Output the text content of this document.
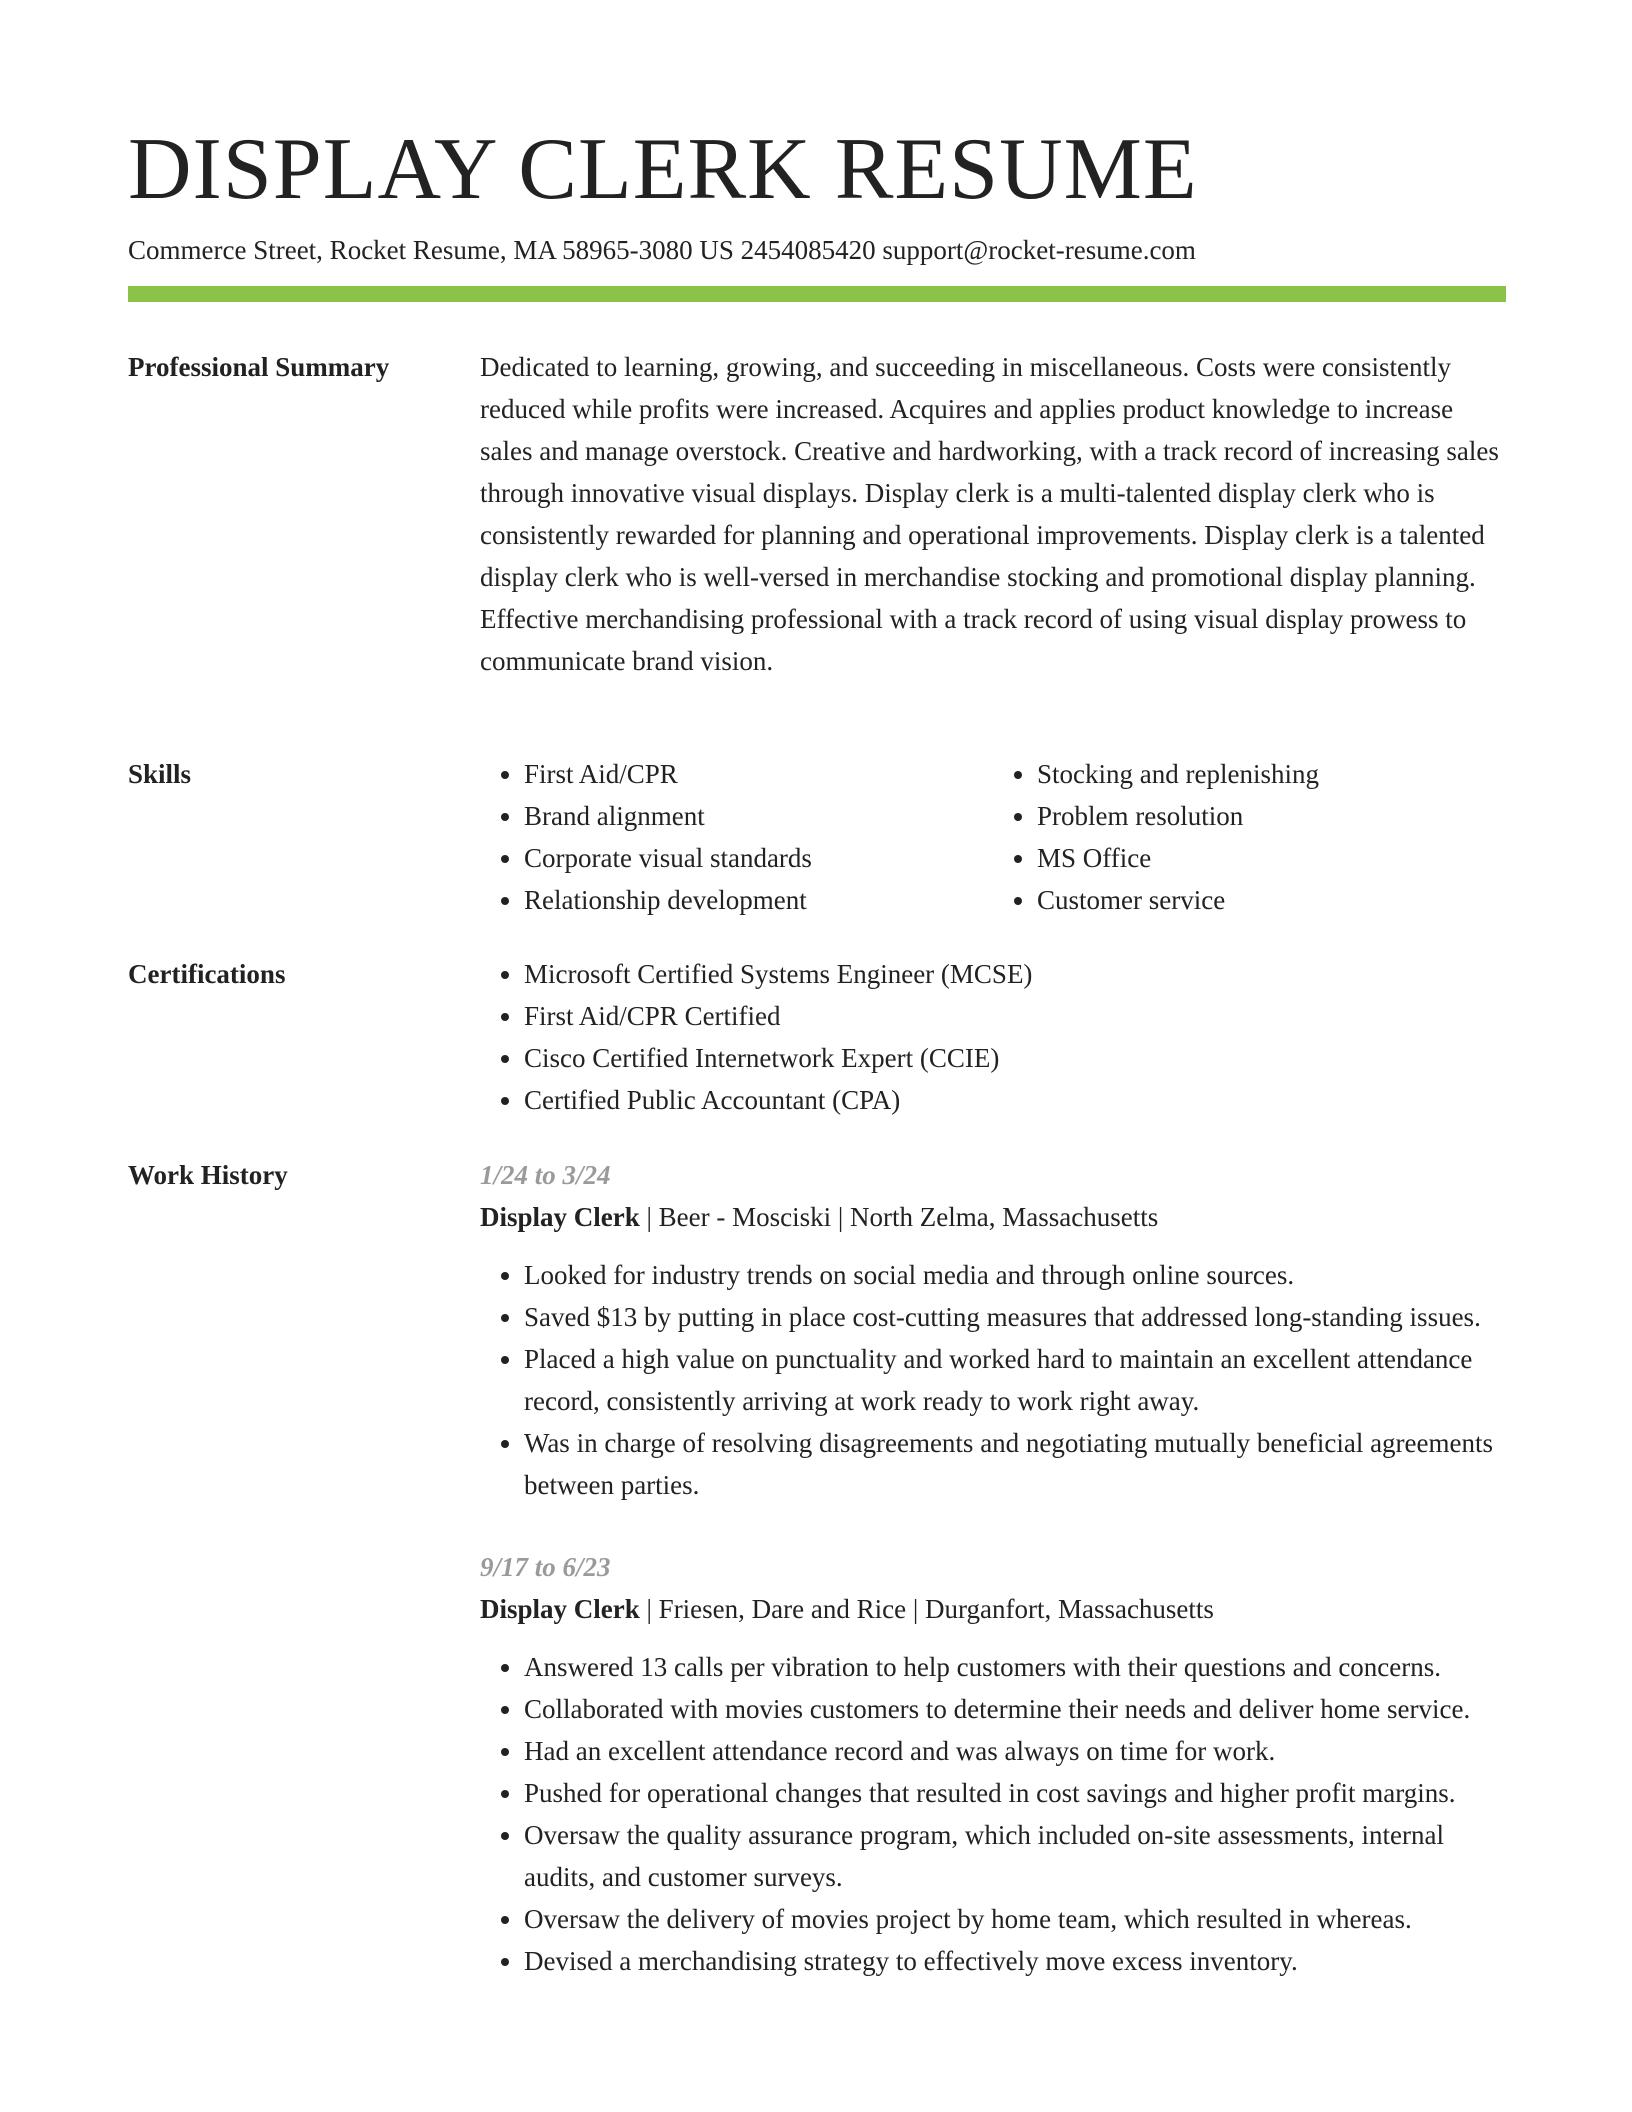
DISPLAY CLERK RESUME
Commerce Street, Rocket Resume, MA 58965-3080 US 2454085420 support@rocket-resume.com
Professional Summary	Dedicated to learning, growing, and succeeding in miscellaneous. Costs were consistently reduced while profits were increased. Acquires and applies product knowledge to increase sales and manage overstock. Creative and hardworking, with a track record of increasing sales through innovative visual displays. Display clerk is a multi-talented display clerk who is consistently rewarded for planning and operational improvements. Display clerk is a talented display clerk who is well-versed in merchandise stocking and promotional display planning. Effective merchandising professional with a track record of using visual display prowess to communicate brand vision.

Skills	• First Aid/CPR
• Brand alignment
• Corporate visual standards
• Relationship development
• Stocking and replenishing
• Problem resolution
• MS Office
• Customer service
Certifications	• Microsoft Certified Systems Engineer (MCSE)
• First Aid/CPR Certified
• Cisco Certified Internetwork Expert (CCIE)
• Certified Public Accountant (CPA)
Work History	1/24 to 3/24

Display Clerk | Beer - Mosciski | North Zelma, Massachusetts

• Looked for industry trends on social media and through online sources.
• Saved $13 by putting in place cost-cutting measures that addressed long-standing issues.
• Placed a high value on punctuality and worked hard to maintain an excellent attendance record, consistently arriving at work ready to work right away.
• Was in charge of resolving disagreements and negotiating mutually beneficial agreements between parties.

9/17 to 6/23

Display Clerk | Friesen, Dare and Rice | Durganfort, Massachusetts

• Answered 13 calls per vibration to help customers with their questions and concerns.
• Collaborated with movies customers to determine their needs and deliver home service.
• Had an excellent attendance record and was always on time for work.
• Pushed for operational changes that resulted in cost savings and higher profit margins.
• Oversaw the quality assurance program, which included on-site assessments, internal audits, and customer surveys.
• Oversaw the delivery of movies project by home team, which resulted in whereas.
• Devised a merchandising strategy to effectively move excess inventory.
